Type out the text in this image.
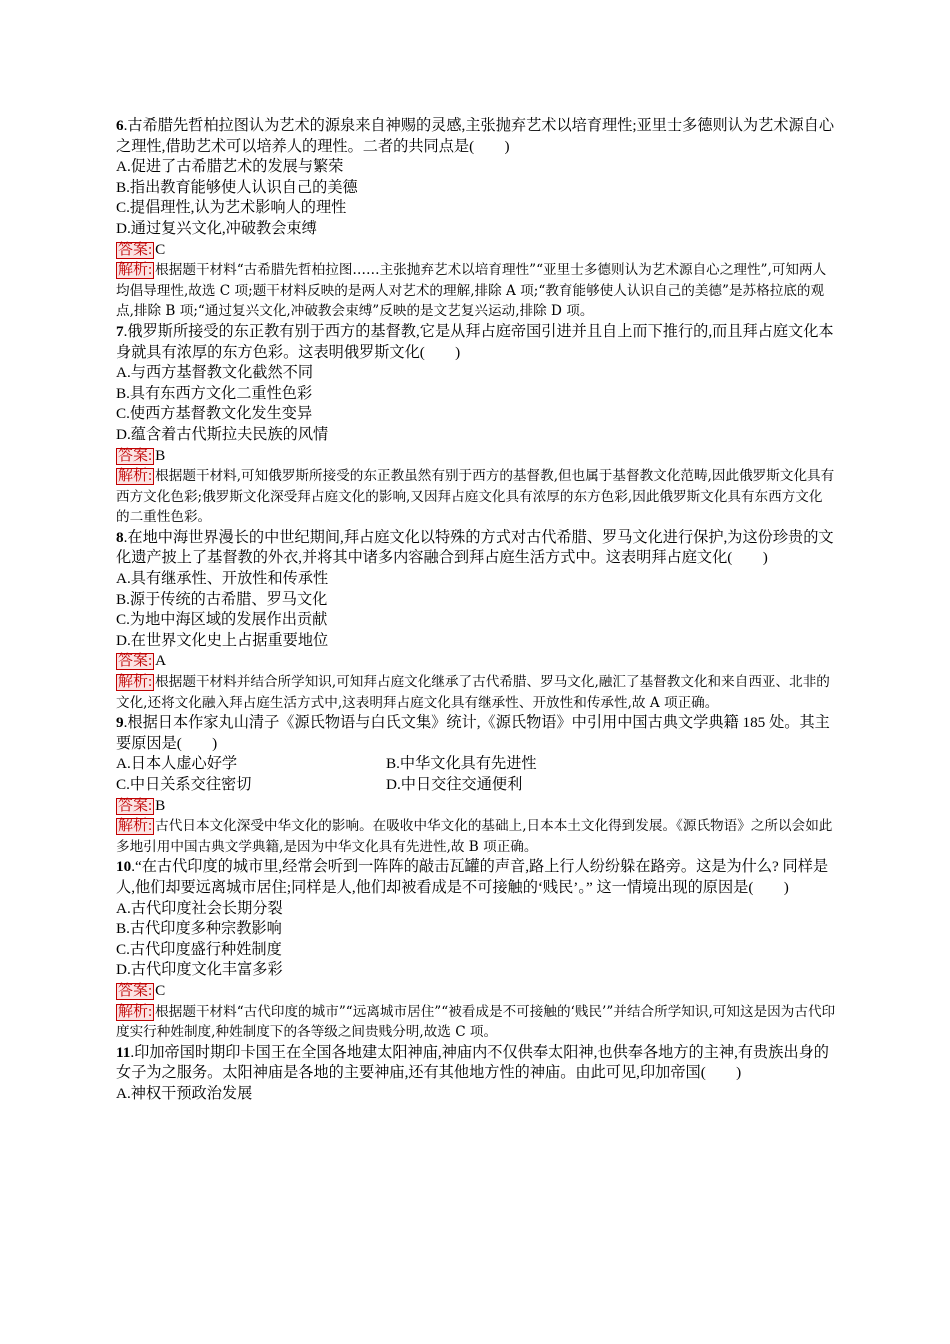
6.古希腊先哲柏拉图认为艺术的源泉来自神赐的灵感,主张抛弃艺术以培育理性;亚里士多德则认为艺术源自心之理性,借助艺术可以培养人的理性。二者的共同点是(　　)
A.促进了古希腊艺术的发展与繁荣
B.指出教育能够使人认识自己的美德
C.提倡理性,认为艺术影响人的理性
D.通过复兴文化,冲破教会束缚
答案: C
解析: 根据题干材料“古希腊先哲柏拉图……主张抛弃艺术以培育理性”“亚里士多德则认为艺术源自心之理性”,可知两人均倡导理性,故选 C 项;题干材料反映的是两人对艺术的理解,排除 A 项;“教育能够使人认识自己的美德”是苏格拉底的观点,排除 B 项;“通过复兴文化,冲破教会束缚”反映的是文艺复兴运动,排除 D 项。
7.俄罗斯所接受的东正教有别于西方的基督教,它是从拜占庭帝国引进并且自上而下推行的,而且拜占庭文化本身就具有浓厚的东方色彩。这表明俄罗斯文化(　　)
A.与西方基督教文化截然不同
B.具有东西方文化二重性色彩
C.使西方基督教文化发生变异
D.蕴含着古代斯拉夫民族的风情
答案: B
解析: 根据题干材料,可知俄罗斯所接受的东正教虽然有别于西方的基督教,但也属于基督教文化范畴,因此俄罗斯文化具有西方文化色彩;俄罗斯文化深受拜占庭文化的影响,又因拜占庭文化具有浓厚的东方色彩,因此俄罗斯文化具有东西方文化的二重性色彩。
8.在地中海世界漫长的中世纪期间,拜占庭文化以特殊的方式对古代希腊、罗马文化进行保护,为这份珍贵的文化遗产披上了基督教的外衣,并将其中诸多内容融合到拜占庭生活方式中。这表明拜占庭文化(　　)
A.具有继承性、开放性和传承性
B.源于传统的古希腊、罗马文化
C.为地中海区域的发展作出贡献
D.在世界文化史上占据重要地位
答案: A
解析: 根据题干材料并结合所学知识,可知拜占庭文化继承了古代希腊、罗马文化,融汇了基督教文化和来自西亚、北非的文化,还将文化融入拜占庭生活方式中,这表明拜占庭文化具有继承性、开放性和传承性,故 A 项正确。
9.根据日本作家丸山清子《源氏物语与白氏文集》统计,《源氏物语》中引用中国古典文学典籍 185 处。其主要原因是(　　)
A.日本人虚心好学	B.中华文化具有先进性
C.中日关系交往密切	D.中日交往交通便利
答案: B
解析: 古代日本文化深受中华文化的影响。在吸收中华文化的基础上,日本本土文化得到发展。《源氏物语》之所以会如此多地引用中国古典文学典籍,是因为中华文化具有先进性,故 B 项正确。
10.“在古代印度的城市里,经常会听到一阵阵的敲击瓦罐的声音,路上行人纷纷躲在路旁。这是为什么? 同样是人,他们却要远离城市居住;同样是人,他们却被看成是不可接触的‘贱民’。” 这一情境出现的原因是(　　)
A.古代印度社会长期分裂
B.古代印度多种宗教影响
C.古代印度盛行种姓制度
D.古代印度文化丰富多彩
答案: C
解析: 根据题干材料“古代印度的城市”“远离城市居住”“被看成是不可接触的‘贱民’”并结合所学知识,可知这是因为古代印度实行种姓制度,种姓制度下的各等级之间贵贱分明,故选 C 项。
11.印加帝国时期印卡国王在全国各地建太阳神庙,神庙内不仅供奉太阳神,也供奉各地方的主神,有贵族出身的女子为之服务。太阳神庙是各地的主要神庙,还有其他地方性的神庙。由此可见,印加帝国(　　)
A.神权干预政治发展
